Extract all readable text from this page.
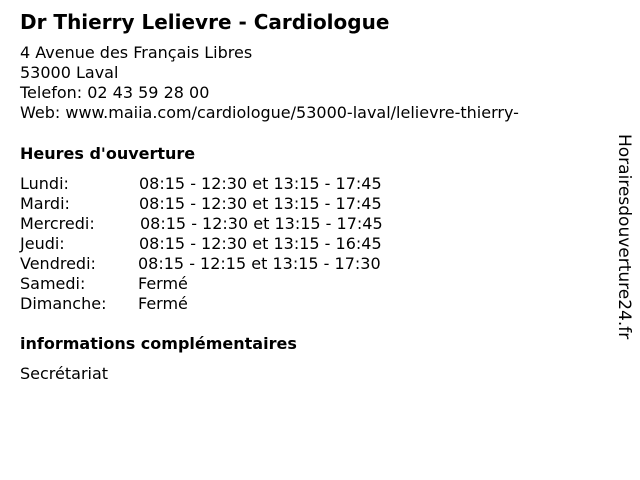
Dr Thierry Lelievre - Cardiologue
4 Avenue des Français Libres
53000 Laval
Telefon: 02 43 59 28 00
Web: www.maiia.com/cardiologue/53000-laval/lelievre-thierry-
Heures d'ouverture
Lundi:	08:15 - 12:30 et 13:15 - 17:45
Mardi:	08:15 - 12:30 et 13:15 - 17:45
Mercredi:	08:15 - 12:30 et 13:15 - 17:45
Jeudi:	08:15 - 12:30 et 13:15 - 16:45
Vendredi:	08:15 - 12:15 et 13:15 - 17:30
Samedi:	Fermé
Dimanche: Fermé
informations complémentaires
Secrétariat
Horairesdouverture24.fr
